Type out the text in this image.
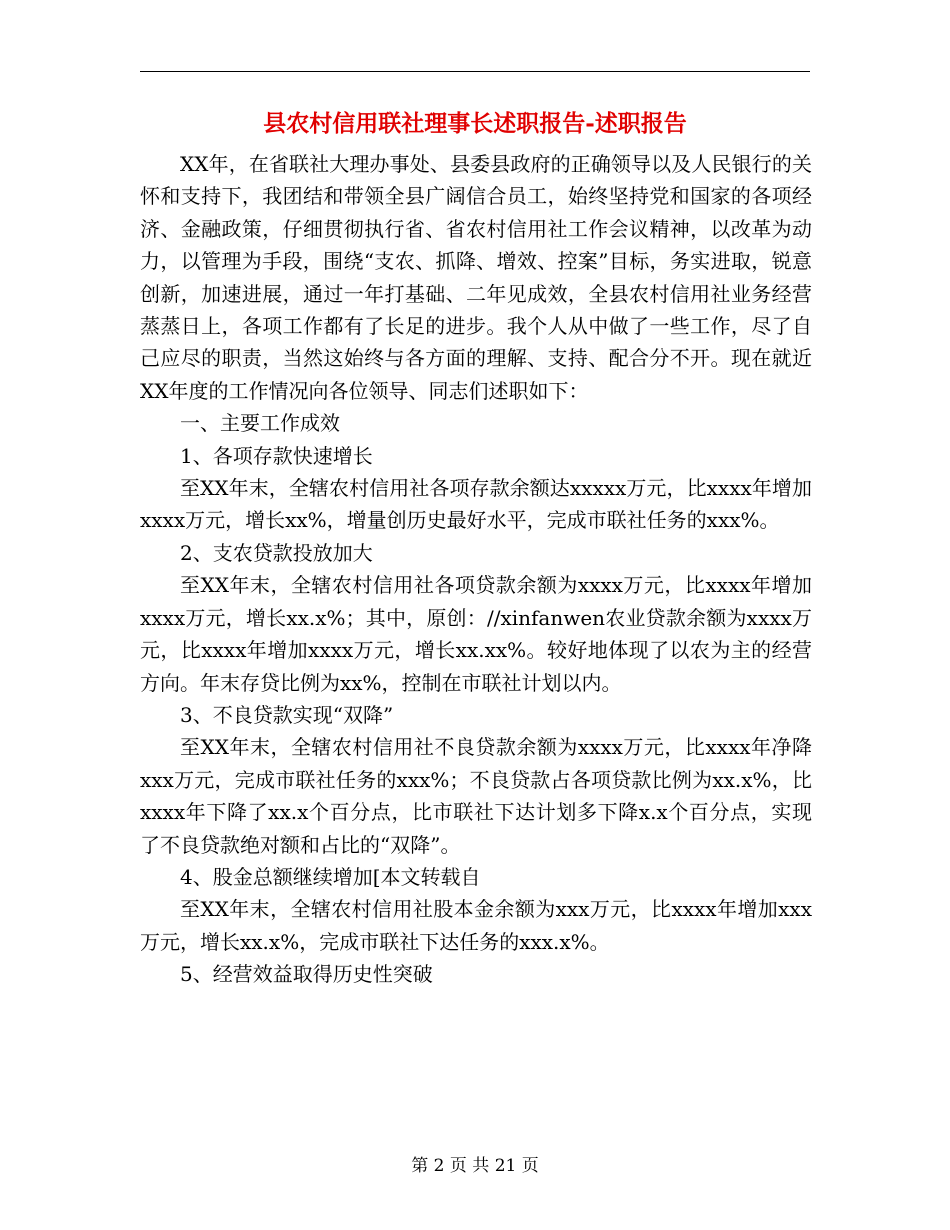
县农村信用联社理事长述职报告-述职报告

XX年，在省联社大理办事处、县委县政府的正确领导以及人民银行的关怀和支持下，我团结和带领全县广阔信合员工，始终坚持党和国家的各项经济、金融政策，仔细贯彻执行省、省农村信用社工作会议精神，以改革为动力，以管理为手段，围绕“支农、抓降、增效、控案”目标，务实进取，锐意创新，加速进展，通过一年打基础、二年见成效，全县农村信用社业务经营蒸蒸日上，各项工作都有了长足的进步。我个人从中做了一些工作，尽了自己应尽的职责，当然这始终与各方面的理解、支持、配合分不开。现在就近XX年度的工作情况向各位领导、同志们述职如下：

一、主要工作成效

1、各项存款快速增长

至XX年末，全辖农村信用社各项存款余额达xxxxx万元，比xxxx年增加xxxx万元，增长xx%，增量创历史最好水平，完成市联社任务的xxx%。

2、支农贷款投放加大

至XX年末，全辖农村信用社各项贷款余额为xxxx万元，比xxxx年增加xxxx万元，增长xx.x%；其中，原创：//xinfanwen农业贷款余额为xxxx万元，比xxxx年增加xxxx万元，增长xx.xx%。较好地体现了以农为主的经营方向。年末存贷比例为xx%，控制在市联社计划以内。

3、不良贷款实现“双降”

至XX年末，全辖农村信用社不良贷款余额为xxxx万元，比xxxx年净降xxx万元，完成市联社任务的xxx%；不良贷款占各项贷款比例为xx.x%，比xxxx年下降了xx.x个百分点，比市联社下达计划多下降x.x个百分点，实现了不良贷款绝对额和占比的“双降”。

4、股金总额继续增加[本文转载自

至XX年末，全辖农村信用社股本金余额为xxx万元，比xxxx年增加xxx万元，增长xx.x%，完成市联社下达任务的xxx.x%。

5、经营效益取得历史性突破

第 2 页 共 21 页
